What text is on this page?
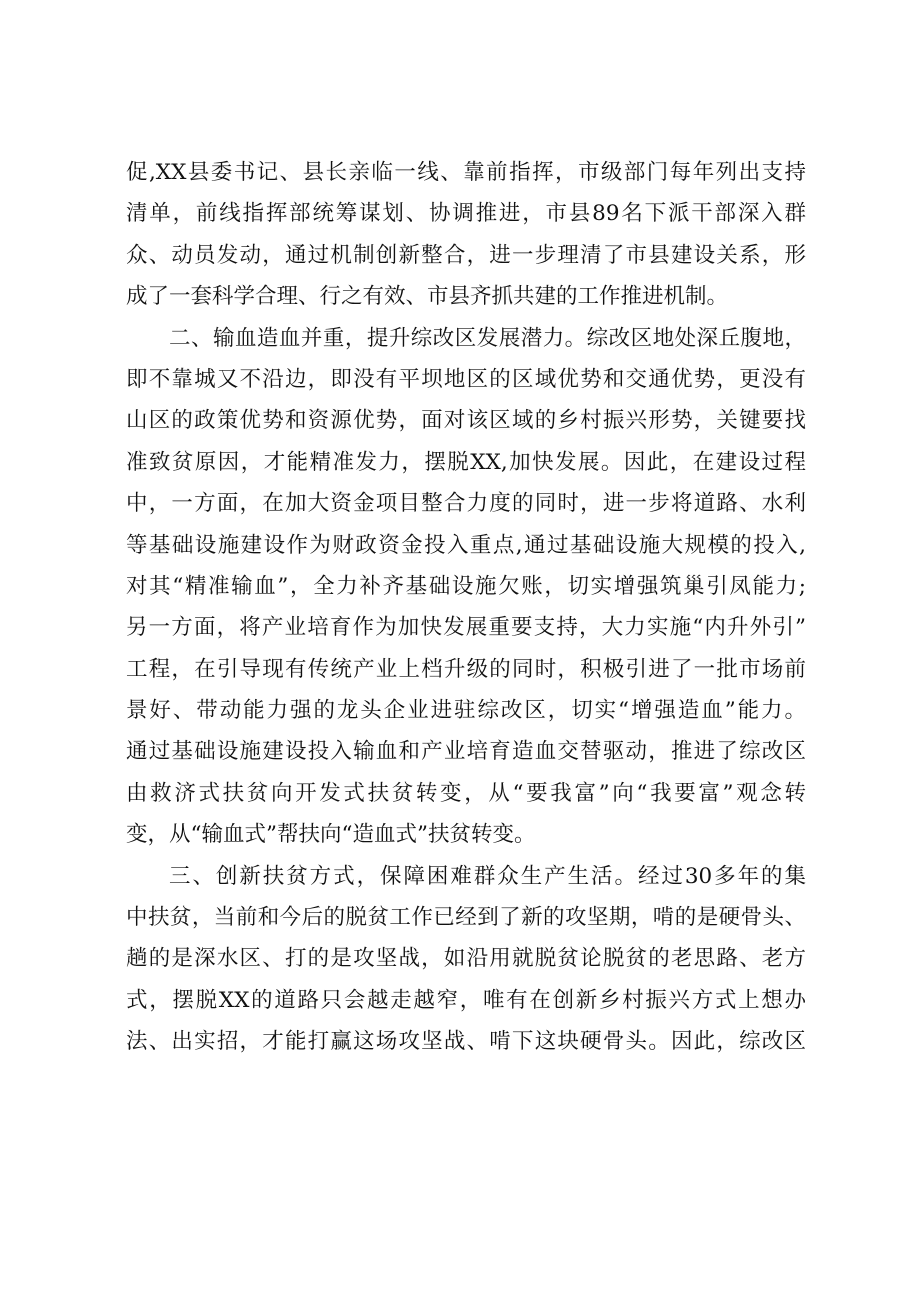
促,XX县委书记、县长亲临一线、靠前指挥，市级部门每年列出支持
清单，前线指挥部统筹谋划、协调推进，市县89名下派干部深入群
众、动员发动，通过机制创新整合，进一步理清了市县建设关系，形
成了一套科学合理、行之有效、市县齐抓共建的工作推进机制。
二、输血造血并重，提升综改区发展潜力。综改区地处深丘腹地，
即不靠城又不沿边，即没有平坝地区的区域优势和交通优势，更没有
山区的政策优势和资源优势，面对该区域的乡村振兴形势，关键要找
准致贫原因，才能精准发力，摆脱XX,加快发展。因此，在建设过程
中，一方面，在加大资金项目整合力度的同时，进一步将道路、水利
等基础设施建设作为财政资金投入重点,通过基础设施大规模的投入,
对其“精准输血”，全力补齐基础设施欠账，切实增强筑巢引凤能力;
另一方面，将产业培育作为加快发展重要支持，大力实施“内升外引”
工程，在引导现有传统产业上档升级的同时，积极引进了一批市场前
景好、带动能力强的龙头企业进驻综改区，切实“增强造血”能力。
通过基础设施建设投入输血和产业培育造血交替驱动，推进了综改区
由救济式扶贫向开发式扶贫转变，从“要我富”向“我要富”观念转
变，从“输血式”帮扶向“造血式”扶贫转变。
三、创新扶贫方式，保障困难群众生产生活。经过30多年的集
中扶贫，当前和今后的脱贫工作已经到了新的攻坚期，啃的是硬骨头、
趟的是深水区、打的是攻坚战，如沿用就脱贫论脱贫的老思路、老方
式，摆脱XX的道路只会越走越窄，唯有在创新乡村振兴方式上想办
法、出实招，才能打赢这场攻坚战、啃下这块硬骨头。因此，综改区
